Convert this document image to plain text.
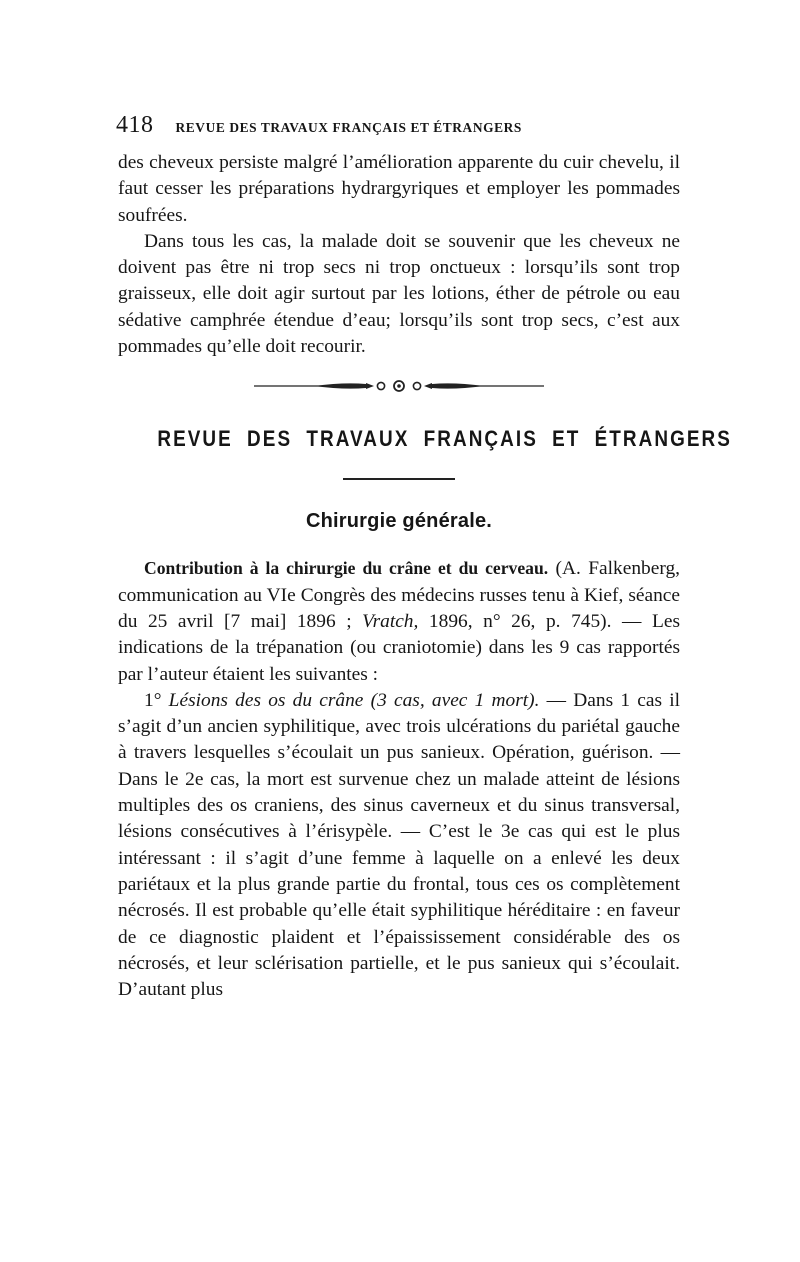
418 REVUE DES TRAVAUX FRANÇAIS ET ÉTRANGERS

des cheveux persiste malgré l’amélioration apparente du cuir chevelu, il faut cesser les préparations hydrargyriques et employer les pommades soufrées.

Dans tous les cas, la malade doit se souvenir que les cheveux ne doivent pas être ni trop secs ni trop onctueux : lorsqu’ils sont trop graisseux, elle doit agir surtout par les lotions, éther de pétrole ou eau sédative camphrée étendue d’eau; lorsqu’ils sont trop secs, c’est aux pommades qu’elle doit recourir.

REVUE DES TRAVAUX FRANÇAIS ET ÉTRANGERS
Chirurgie générale.

Contribution à la chirurgie du crâne et du cerveau. (A. Falkenberg, communication au VIe Congrès des médecins russes tenu à Kief, séance du 25 avril [7 mai] 1896 ; Vratch, 1896, n° 26, p. 745). — Les indications de la trépanation (ou craniotomie) dans les 9 cas rapportés par l’auteur étaient les suivantes :

1° Lésions des os du crâne (3 cas, avec 1 mort). — Dans 1 cas il s’agit d’un ancien syphilitique, avec trois ulcérations du pariétal gauche à travers lesquelles s’écoulait un pus sanieux. Opération, guérison. — Dans le 2e cas, la mort est survenue chez un malade atteint de lésions multiples des os craniens, des sinus caverneux et du sinus transversal, lésions consécutives à l’érisypèle. — C’est le 3e cas qui est le plus intéressant : il s’agit d’une femme à laquelle on a enlevé les deux pariétaux et la plus grande partie du frontal, tous ces os complètement nécrosés. Il est probable qu’elle était syphilitique héréditaire : en faveur de ce diagnostic plaident et l’épaississement considérable des os nécrosés, et leur sclérisation partielle, et le pus sanieux qui s’écoulait. D’autant plus
